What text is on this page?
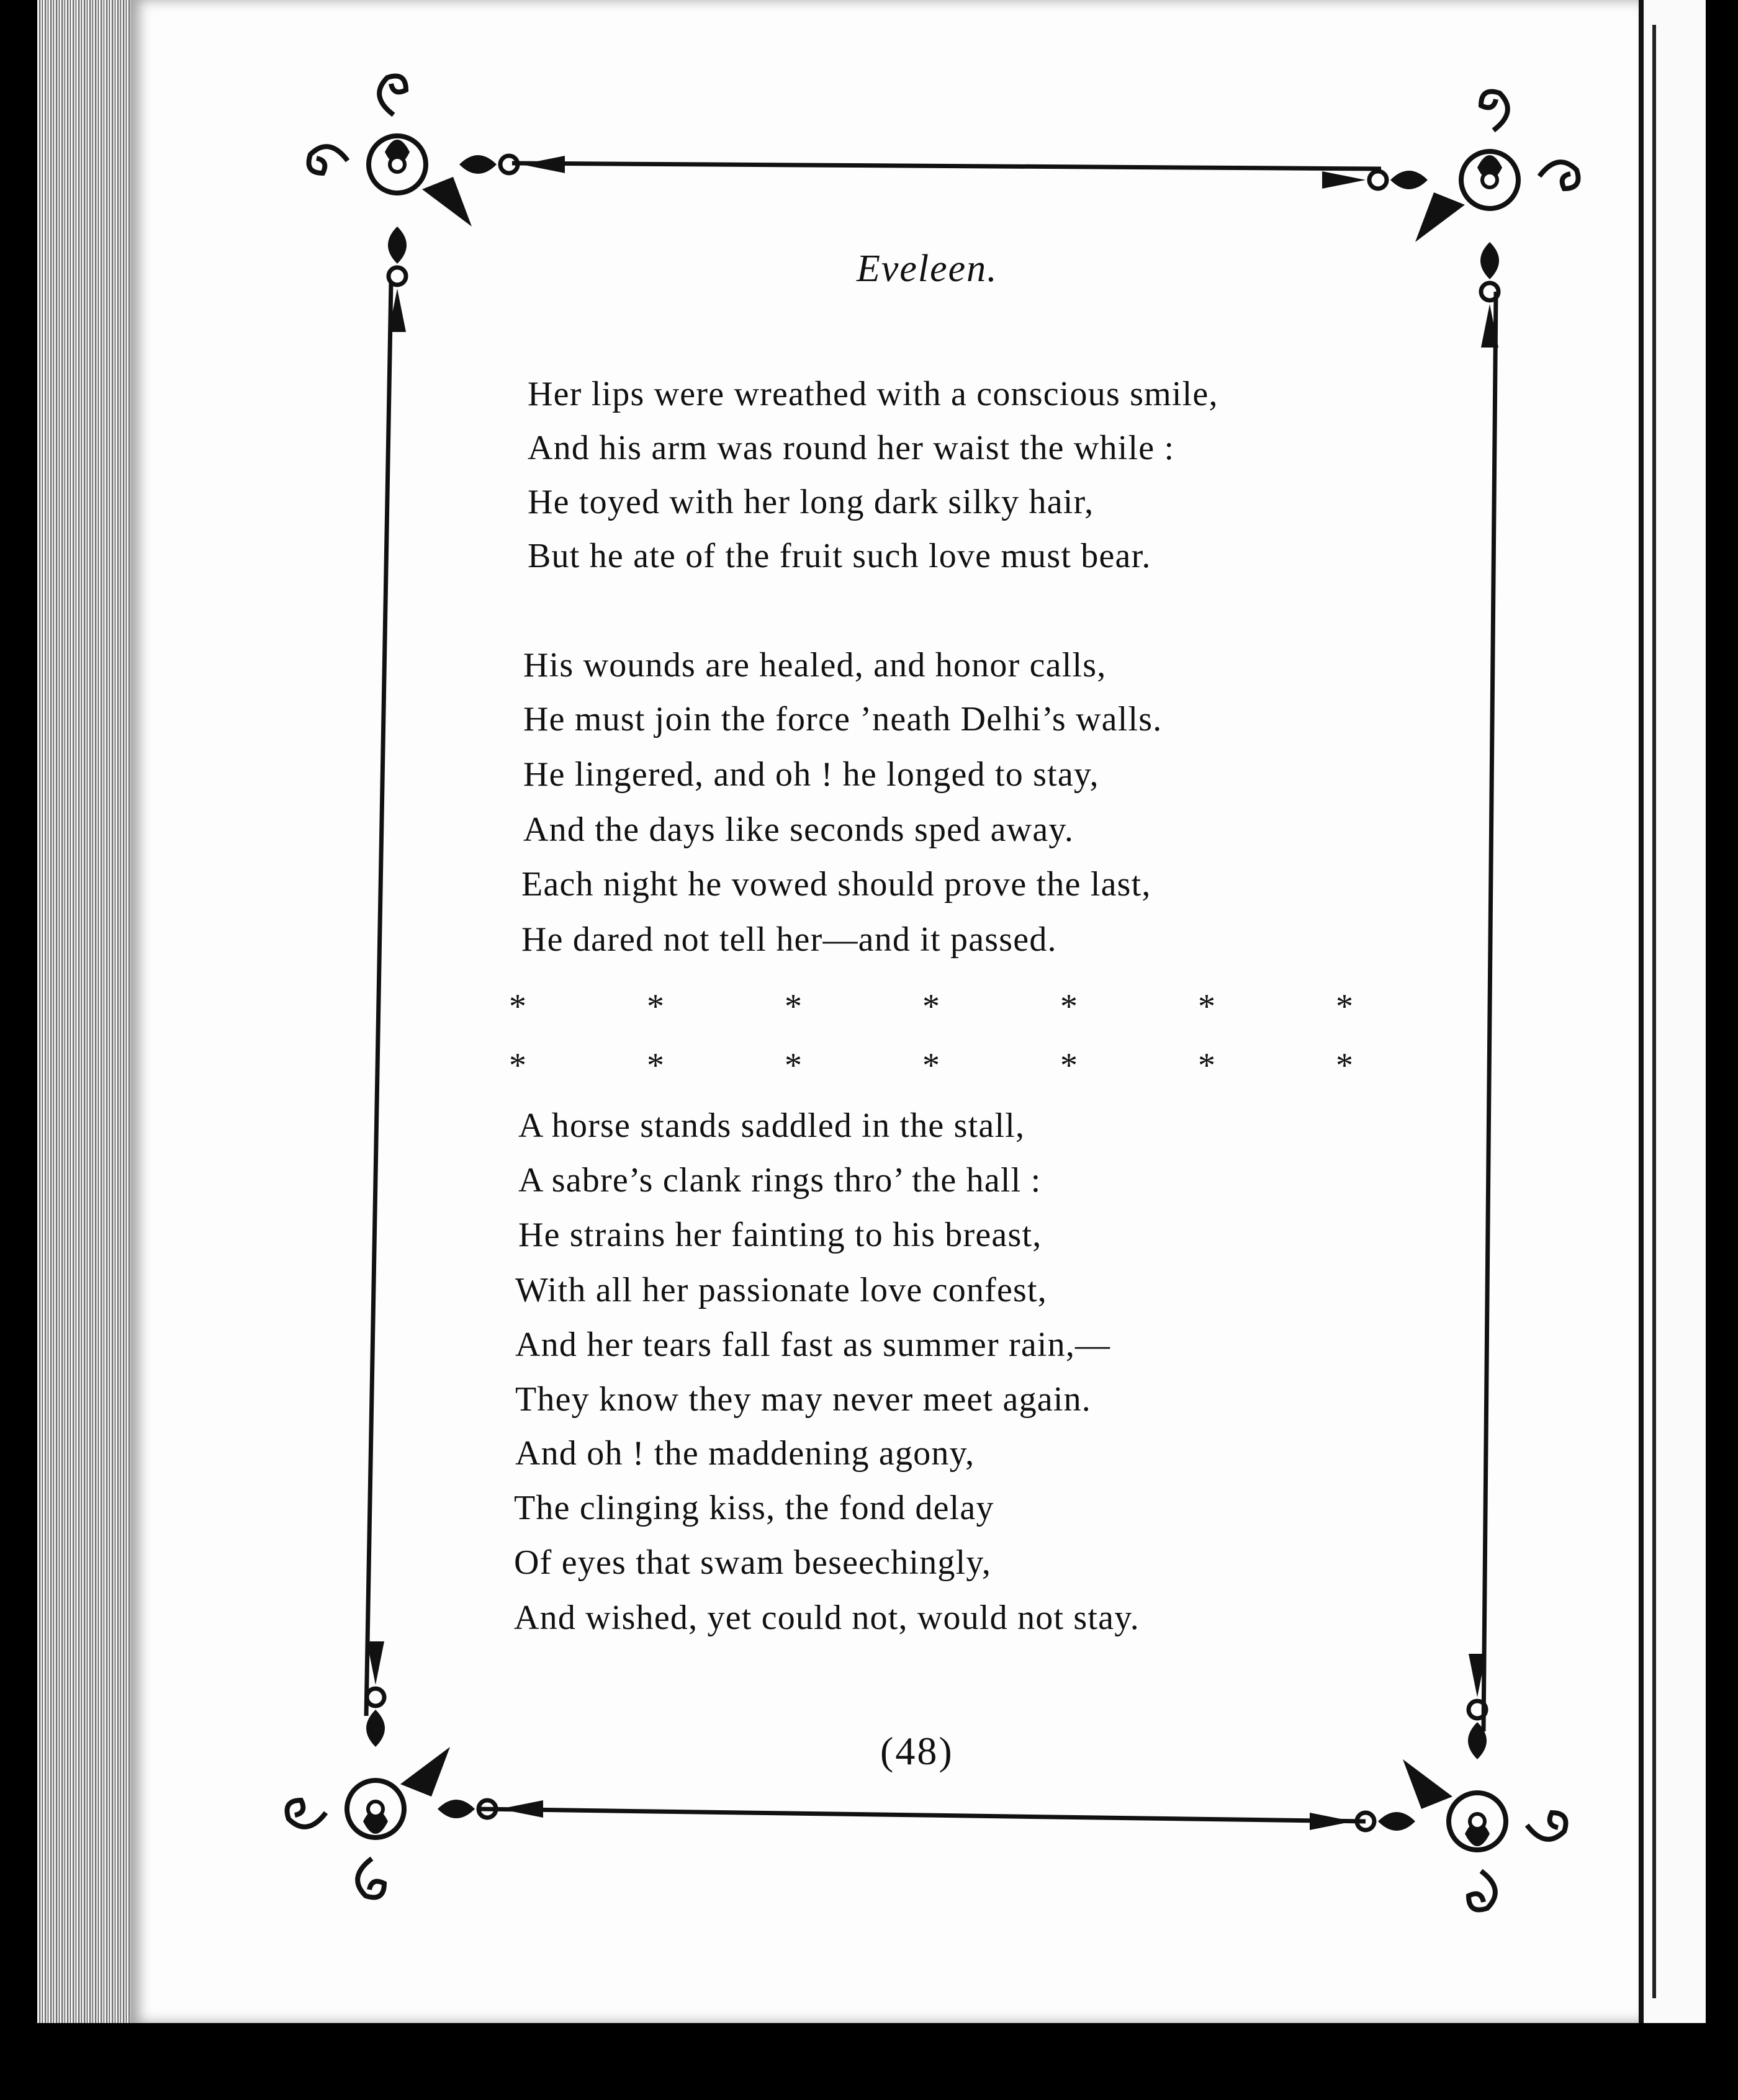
Eveleen.
Her lips were wreathed with a conscious smile,
And his arm was round her waist the while :
He toyed with her long dark silky hair,
But he ate of the fruit such love must bear.
His wounds are healed, and honor calls,
He must join the force ’neath Delhi’s walls.
He lingered, and oh ! he longed to stay,
And the days like seconds sped away.
Each night he vowed should prove the last,
He dared not tell her—and it passed.
*	*	*	*	*	*	*
*	*	*	*	*	*	*
A horse stands saddled in the stall,
A sabre’s clank rings thro’ the hall :
He strains her fainting to his breast,
With all her passionate love confest,
And her tears fall fast as summer rain,—
They know they may never meet again.
And oh ! the maddening agony,
The clinging kiss, the fond delay
Of eyes that swam beseechingly,
And wished, yet could not, would not stay.
(48)
